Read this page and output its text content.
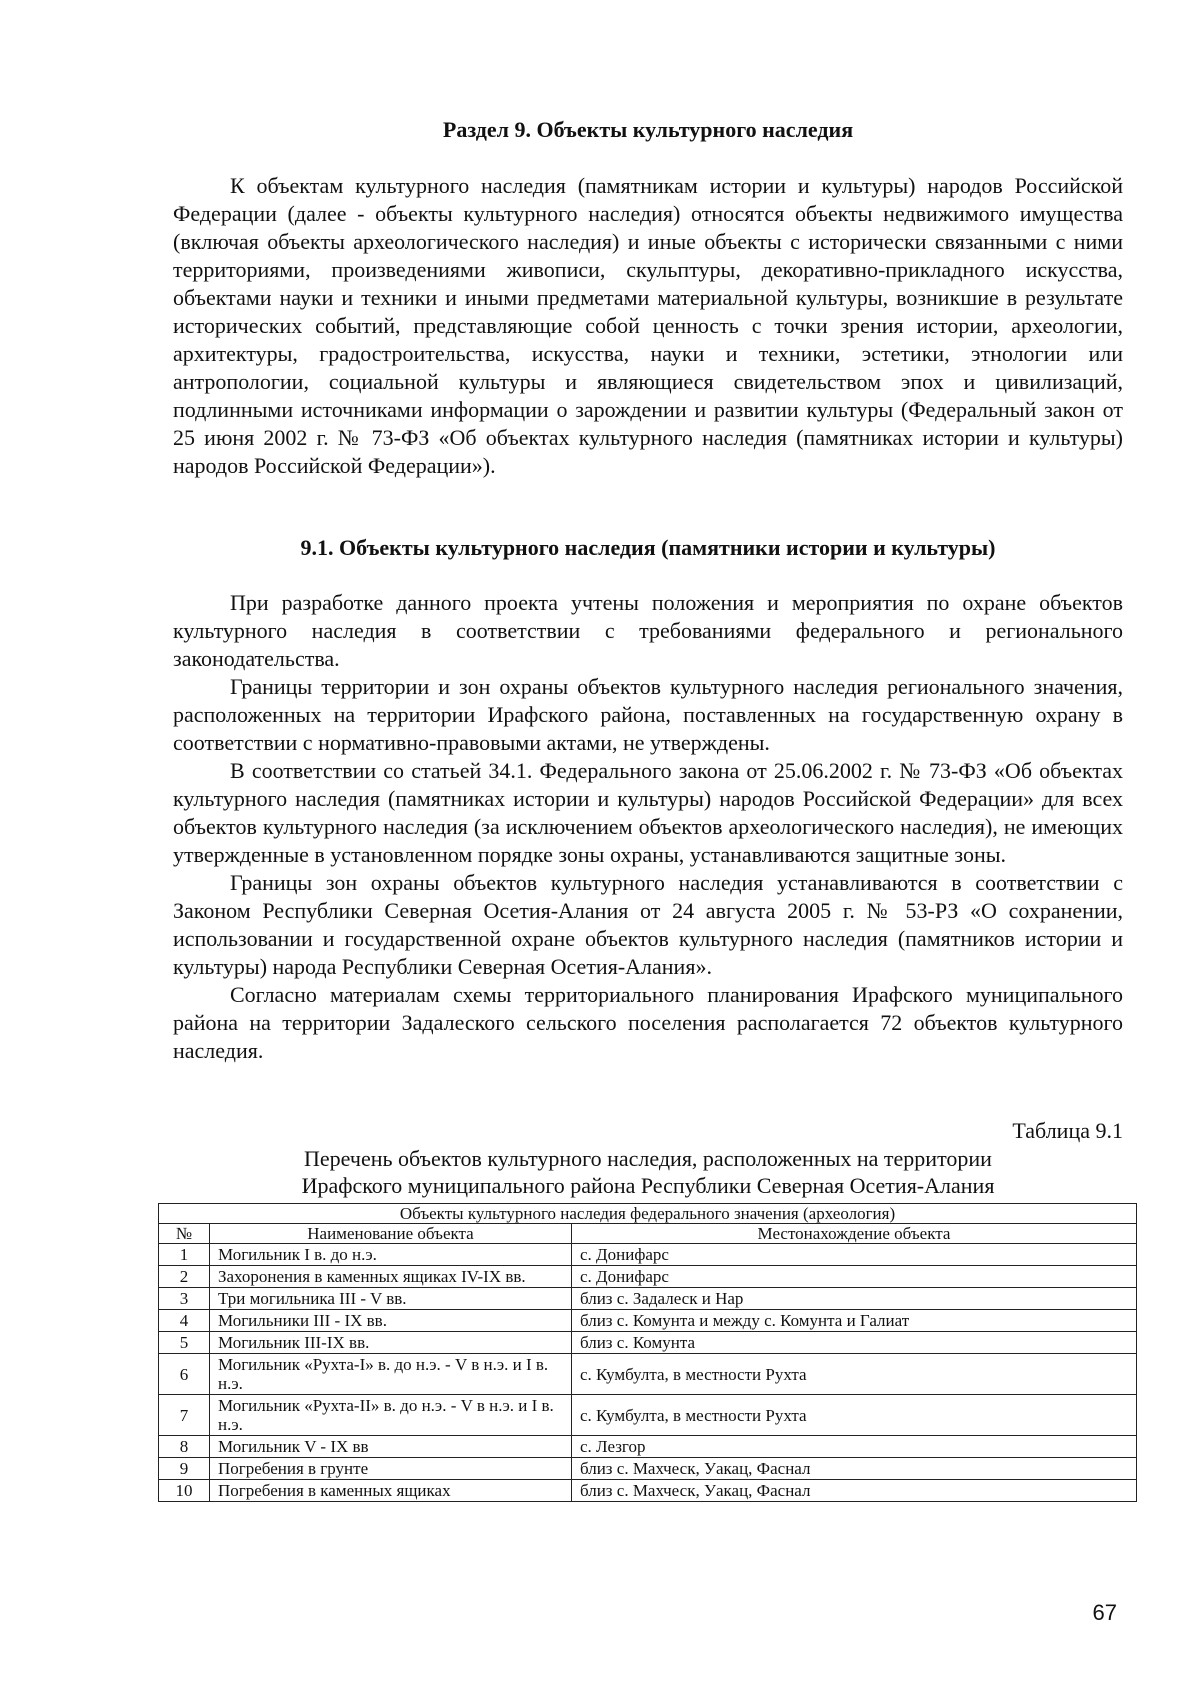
Раздел 9. Объекты культурного наследия

К объектам культурного наследия (памятникам истории и культуры) народов Российской Федерации (далее - объекты культурного наследия) относятся объекты недвижимого имущества (включая объекты археологического наследия) и иные объекты с исторически связанными с ними территориями, произведениями живописи, скульптуры, декоративно-прикладного искусства, объектами науки и техники и иными предметами материальной культуры, возникшие в результате исторических событий, представляющие собой ценность с точки зрения истории, археологии, архитектуры, градостроительства, искусства, науки и техники, эстетики, этнологии или антропологии, социальной культуры и являющиеся свидетельством эпох и цивилизаций, подлинными источниками информации о зарождении и развитии культуры (Федеральный закон от 25 июня 2002 г. № 73-ФЗ «Об объектах культурного наследия (памятниках истории и культуры) народов Российской Федерации»).

9.1. Объекты культурного наследия (памятники истории и культуры)

При разработке данного проекта учтены положения и мероприятия по охране объектов культурного наследия в соответствии с требованиями федерального и регионального законодательства.

Границы территории и зон охраны объектов культурного наследия регионального значения, расположенных на территории Ирафского района, поставленных на государственную охрану в соответствии с нормативно-правовыми актами, не утверждены.

В соответствии со статьей 34.1. Федерального закона от 25.06.2002 г. № 73-ФЗ «Об объектах культурного наследия (памятниках истории и культуры) народов Российской Федерации» для всех объектов культурного наследия (за исключением объектов археологического наследия), не имеющих утвержденные в установленном порядке зоны охраны, устанавливаются защитные зоны.

Границы зон охраны объектов культурного наследия устанавливаются в соответствии с Законом Республики Северная Осетия-Алания от 24 августа 2005 г. № 53-РЗ «О сохранении, использовании и государственной охране объектов культурного наследия (памятников истории и культуры) народа Республики Северная Осетия-Алания».

Согласно материалам схемы территориального планирования Ирафского муниципального района на территории Задалеского сельского поселения располагается 72 объектов культурного наследия.

Таблица 9.1
Перечень объектов культурного наследия, расположенных на территории
Ирафского муниципального района Республики Северная Осетия-Алания
Объекты культурного наследия федерального значения (археология)		
№	Наименование объекта	Местонахождение объекта
1	Могильник I в. до н.э.	с. Донифарс
2	Захоронения в каменных ящиках IV-IX вв.	с. Донифарс
3	Три могильника III - V вв.	близ с. Задалеск и Нар
4	Могильники III - IX вв.	близ с. Комунта и между с. Комунта и Галиат
5	Могильник III-IX вв.	близ с. Комунта
6	Могильник «Рухта-I» в. до н.э. - V в н.э. и I в. н.э.	с. Кумбулта, в местности Рухта
7	Могильник «Рухта-II» в. до н.э. - V в н.э. и I в. н.э.	с. Кумбулта, в местности Рухта
8	Могильник V - IX вв	с. Лезгор
9	Погребения в грунте	близ с. Махческ, Уакац, Фаснал
10	Погребения в каменных ящиках	близ с. Махческ, Уакац, Фаснал
67
